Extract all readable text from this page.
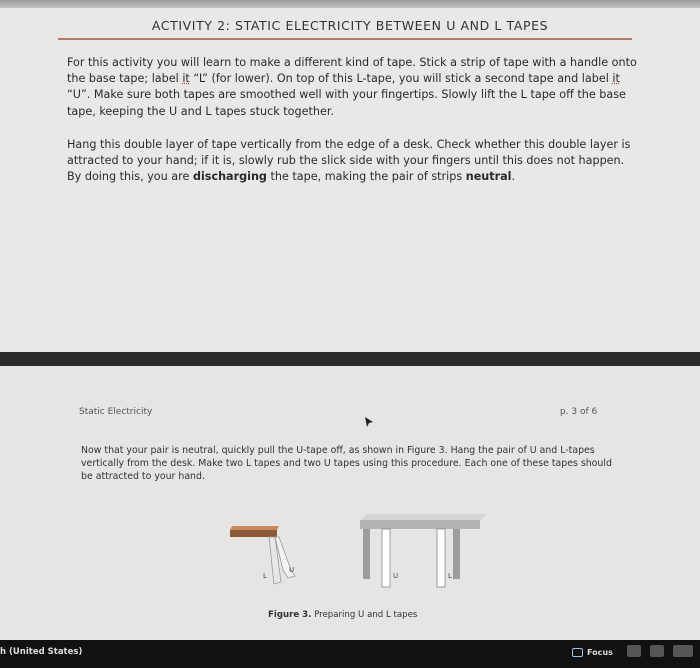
ACTIVITY 2: STATIC ELECTRICITY BETWEEN U AND L TAPES
For this activity you will learn to make a different kind of tape. Stick a strip of tape with a handle onto the base tape; label it “L” (for lower). On top of this L-tape, you will stick a second tape and label it “U”. Make sure both tapes are smoothed well with your fingertips. Slowly lift the L tape off the base tape, keeping the U and L tapes stuck together.
Hang this double layer of tape vertically from the edge of a desk. Check whether this double layer is attracted to your hand; if it is, slowly rub the slick side with your fingers until this does not happen. By doing this, you are discharging the tape, making the pair of strips neutral.
Static Electricity	p. 3 of 6
Now that your pair is neutral, quickly pull the U-tape off, as shown in Figure 3. Hang the pair of U and L-tapes vertically from the desk. Make two L tapes and two U tapes using this procedure. Each one of these tapes should be attracted to your hand.
L
U
U	L
Figure 3. Preparing U and L tapes
h (United States)	Focus
